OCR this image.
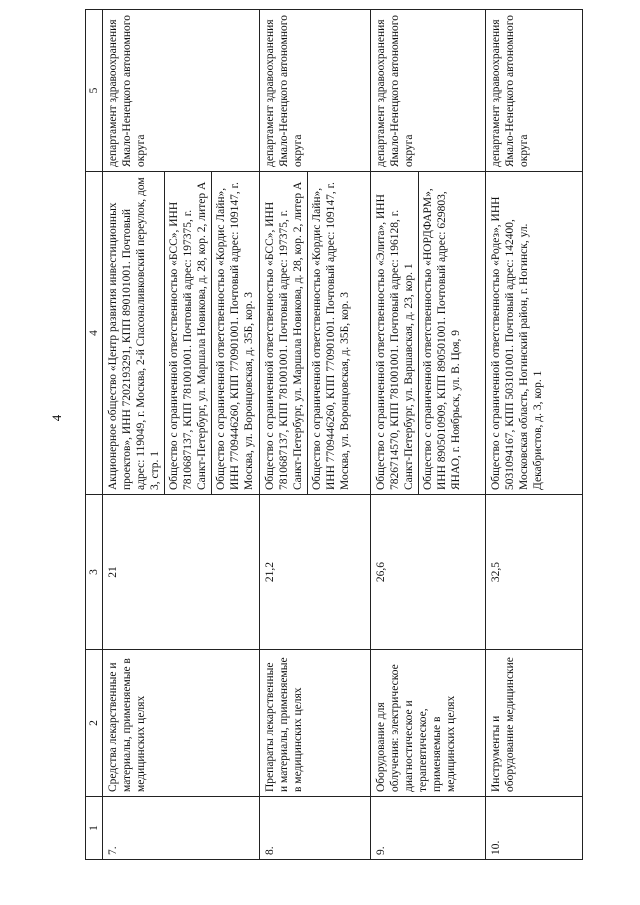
4
1	2	3	4	5
7.	Средства лекарственные и материалы, применяемые в медицинских целях	21	Акционерное общество «Центр развития инвестиционных проектов», ИНН 7202193291, КПП 890101001. Почтовый адрес: 119049, г. Москва, 2-й Спасоналивковский переулок, дом 3, стр. 1 Общество с ограниченной ответственностью «БСС», ИНН 7810687137, КПП 781001001. Почтовый адрес: 197375, г. Санкт-Петербург, ул. Маршала Новикова, д. 28, кор. 2, литер А Общество с ограниченной ответственностью «Кордис Лайн», ИНН 7709446260, КПП 770901001. Почтовый адрес: 109147, г. Москва, ул. Воронцовская, д. 35Б, кор. 3	департамент здравоохранения Ямало-Ненецкого автономного округа
8.	Препараты лекарственные и материалы, применяемые в медицинских целях	21,2	Общество с ограниченной ответственностью «БСС», ИНН 7810687137, КПП 781001001. Почтовый адрес: 197375, г. Санкт-Петербург, ул. Маршала Новикова, д. 28, кор. 2, литер А Общество с ограниченной ответственностью «Кордис Лайн», ИНН 7709446260, КПП 770901001. Почтовый адрес: 109147, г. Москва, ул. Воронцовская, д. 35Б, кор. 3	департамент здравоохранения Ямало-Ненецкого автономного округа
9.	Оборудование для облучения: электрическое диагностическое и терапевтическое, применяемые в медицинских целях	26,6	Общество с ограниченной ответственностью «Элита», ИНН 7826714570, КПП 781001001. Почтовый адрес: 196128, г. Санкт-Петербург, ул. Варшавская, д. 23, кор. 1 Общество с ограниченной ответственностью «НОРДФАРМ», ИНН 8905010909, КПП 890501001. Почтовый адрес: 629803, ЯНАО, г. Ноябрьск, ул. В. Цоя, 9	департамент здравоохранения Ямало-Ненецкого автономного округа
10.	Инструменты и оборудование медицинские	32,5	Общество с ограниченной ответственностью «Родез», ИНН 5031094167, КПП 503101001. Почтовый адрес: 142400, Московская область, Ногинский район, г. Ногинск, ул. Декабристов, д. 3, кор. 1	департамент здравоохранения Ямало-Ненецкого автономного округа
